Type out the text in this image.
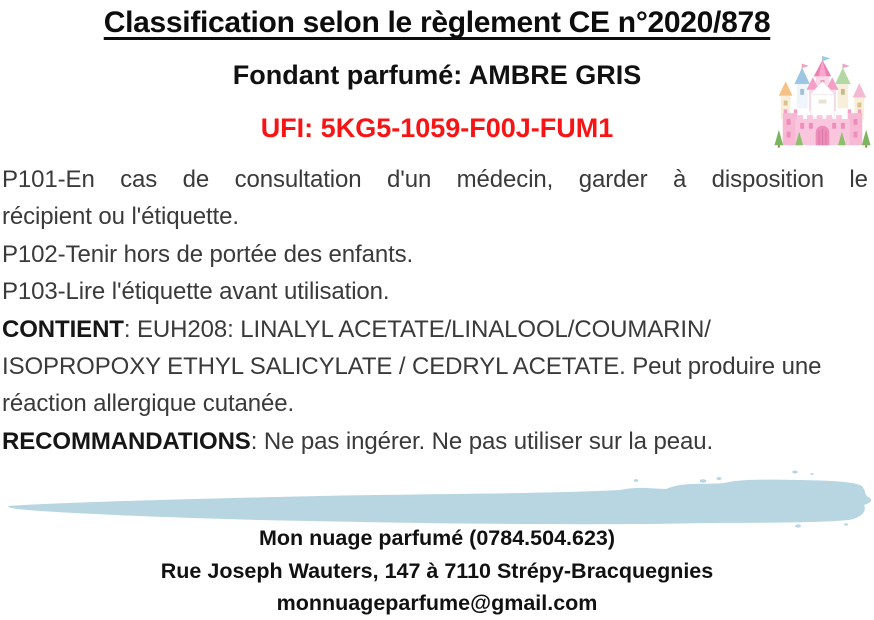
Classification selon le règlement CE n°2020/878
Fondant parfumé: AMBRE GRIS
UFI: 5KG5-1059-F00J-FUM1
P101-En cas de consultation d'un médecin, garder à disposition le
récipient ou l'étiquette.
P102-Tenir hors de portée des enfants.
P103-Lire l'étiquette avant utilisation.
CONTIENT: EUH208: LINALYL ACETATE/LINALOOL/COUMARIN/
ISOPROPOXY ETHYL SALICYLATE / CEDRYL ACETATE. Peut produire une
réaction allergique cutanée.
RECOMMANDATIONS: Ne pas ingérer. Ne pas utiliser sur la peau.
Mon nuage parfumé (0784.504.623)
Rue Joseph Wauters, 147 à 7110 Strépy-Bracquegnies
monnuageparfume@gmail.com
